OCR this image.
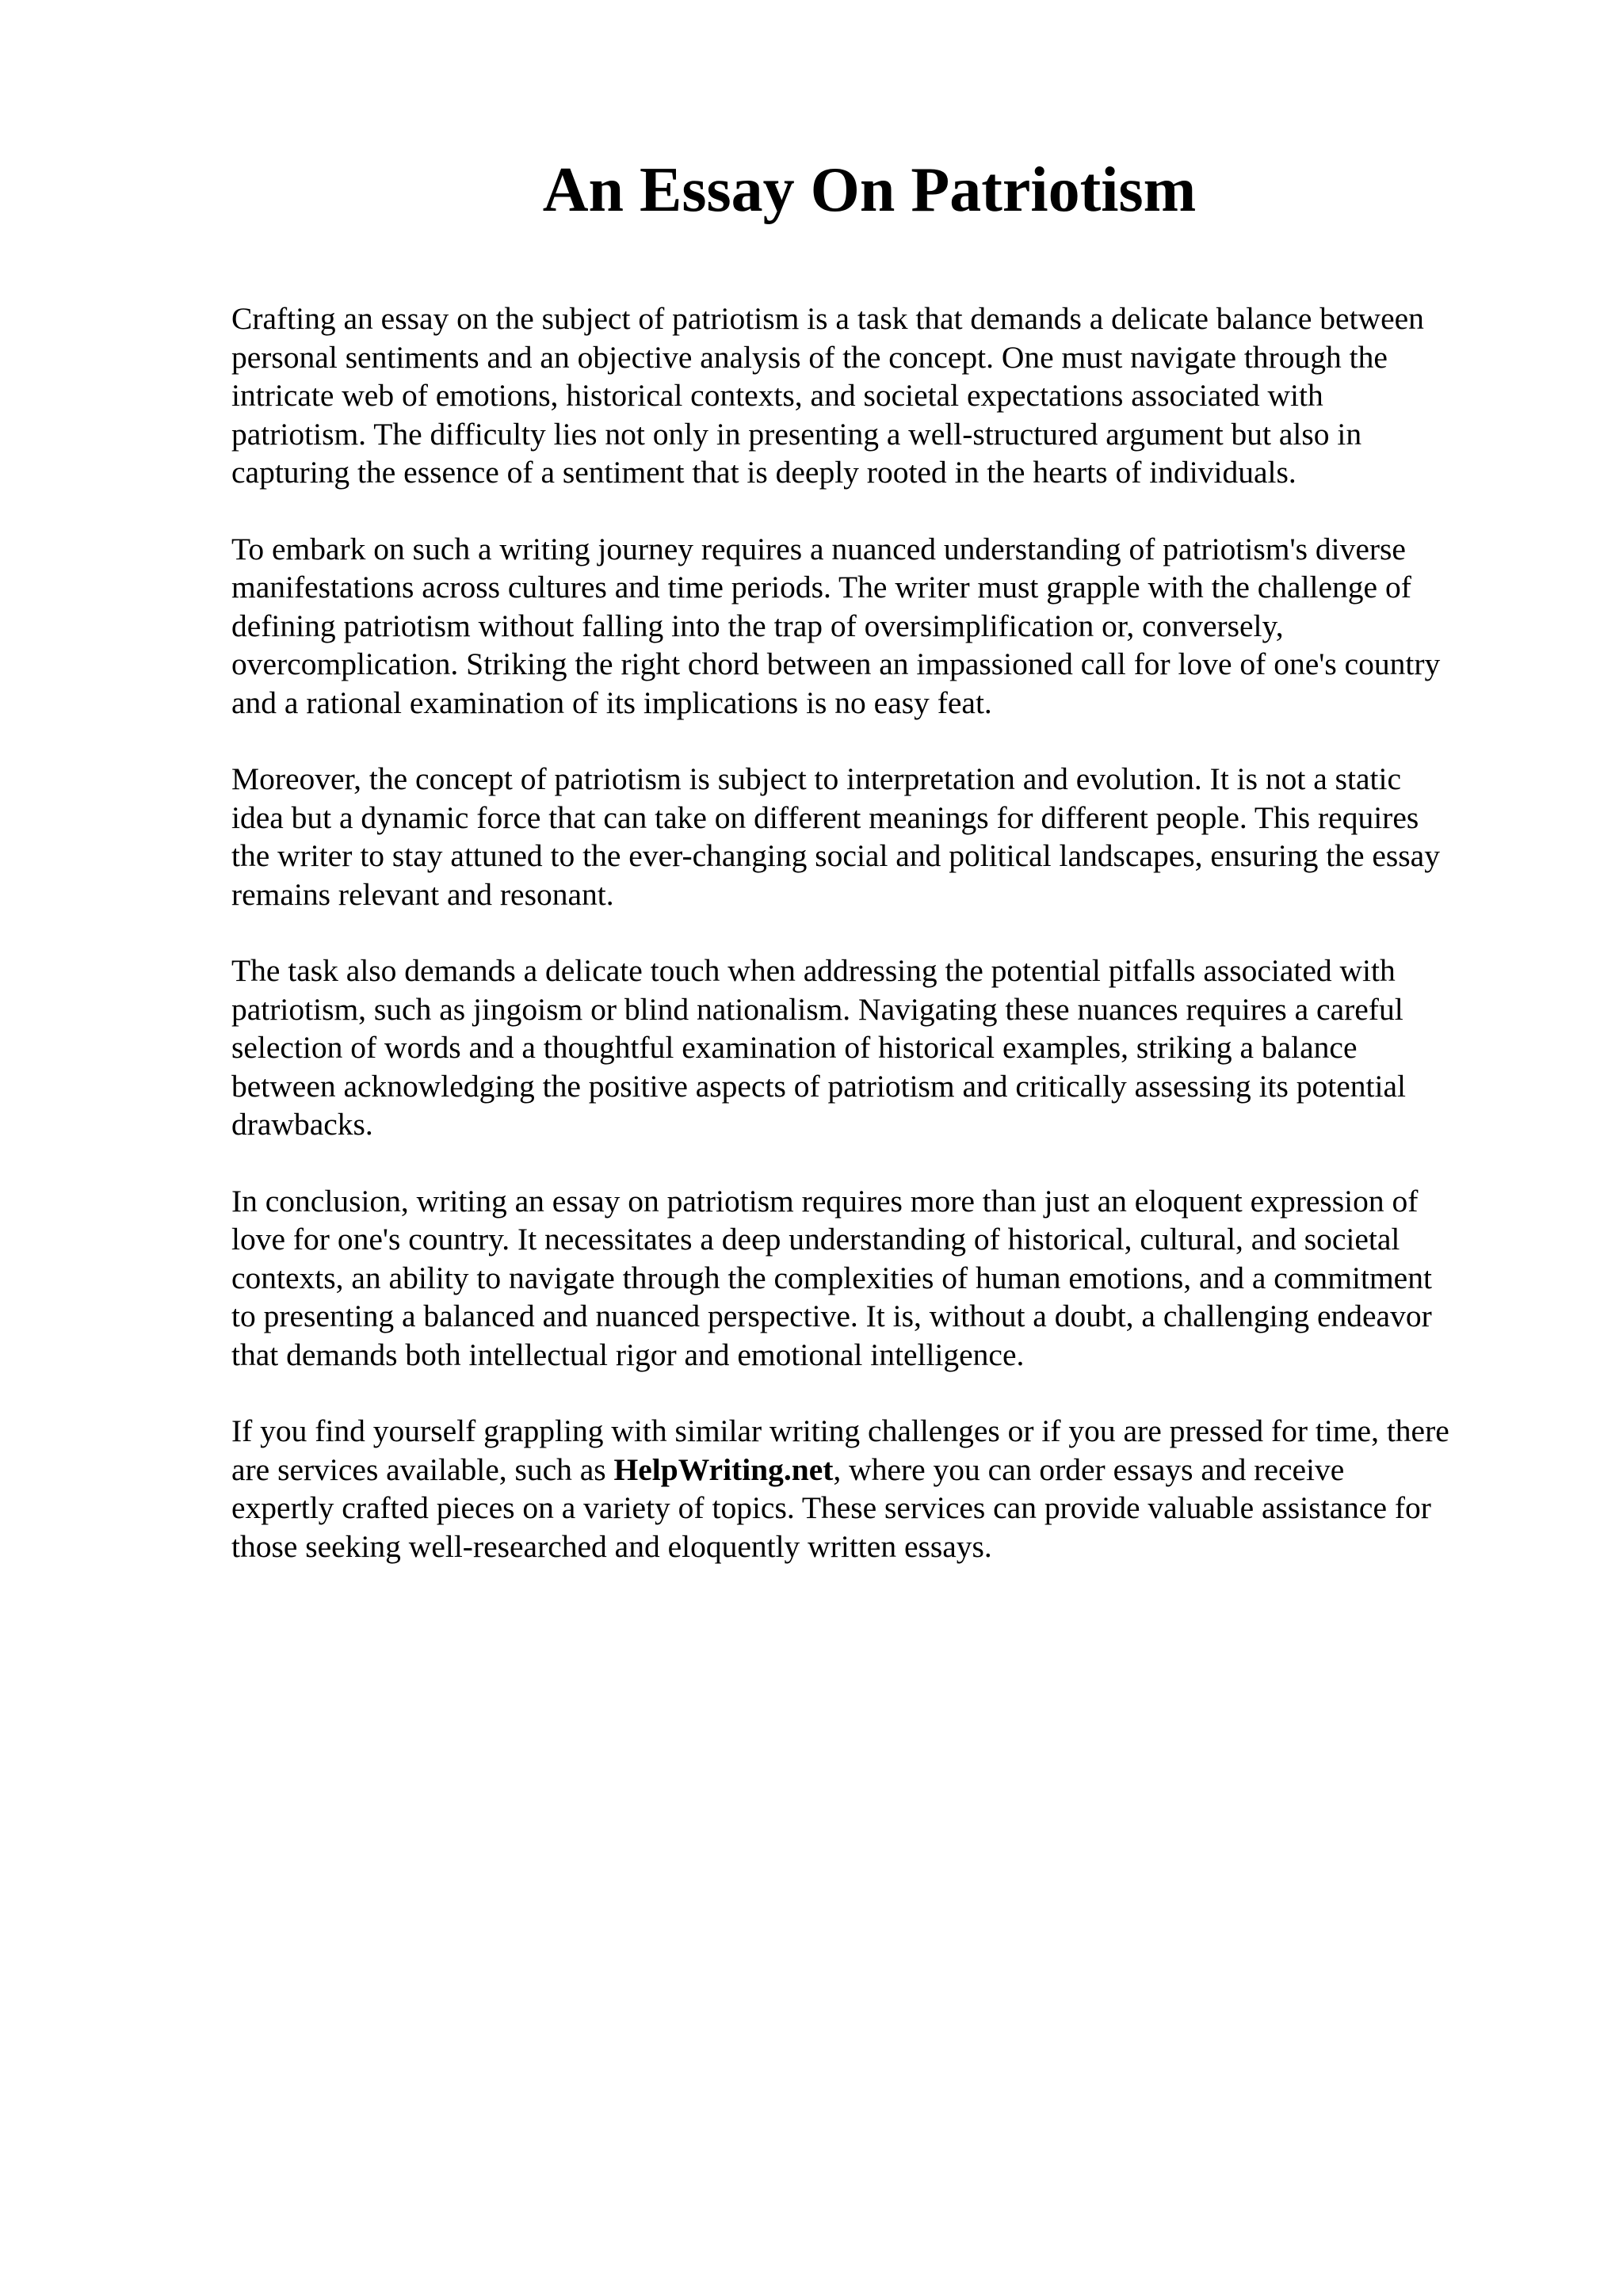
An Essay On Patriotism

Crafting an essay on the subject of patriotism is a task that demands a delicate balance between
personal sentiments and an objective analysis of the concept. One must navigate through the
intricate web of emotions, historical contexts, and societal expectations associated with
patriotism. The difficulty lies not only in presenting a well-structured argument but also in
capturing the essence of a sentiment that is deeply rooted in the hearts of individuals.

To embark on such a writing journey requires a nuanced understanding of patriotism's diverse
manifestations across cultures and time periods. The writer must grapple with the challenge of
defining patriotism without falling into the trap of oversimplification or, conversely,
overcomplication. Striking the right chord between an impassioned call for love of one's country
and a rational examination of its implications is no easy feat.

Moreover, the concept of patriotism is subject to interpretation and evolution. It is not a static
idea but a dynamic force that can take on different meanings for different people. This requires
the writer to stay attuned to the ever-changing social and political landscapes, ensuring the essay
remains relevant and resonant.

The task also demands a delicate touch when addressing the potential pitfalls associated with
patriotism, such as jingoism or blind nationalism. Navigating these nuances requires a careful
selection of words and a thoughtful examination of historical examples, striking a balance
between acknowledging the positive aspects of patriotism and critically assessing its potential
drawbacks.

In conclusion, writing an essay on patriotism requires more than just an eloquent expression of
love for one's country. It necessitates a deep understanding of historical, cultural, and societal
contexts, an ability to navigate through the complexities of human emotions, and a commitment
to presenting a balanced and nuanced perspective. It is, without a doubt, a challenging endeavor
that demands both intellectual rigor and emotional intelligence.

If you find yourself grappling with similar writing challenges or if you are pressed for time, there
are services available, such as HelpWriting.net, where you can order essays and receive
expertly crafted pieces on a variety of topics. These services can provide valuable assistance for
those seeking well-researched and eloquently written essays.
